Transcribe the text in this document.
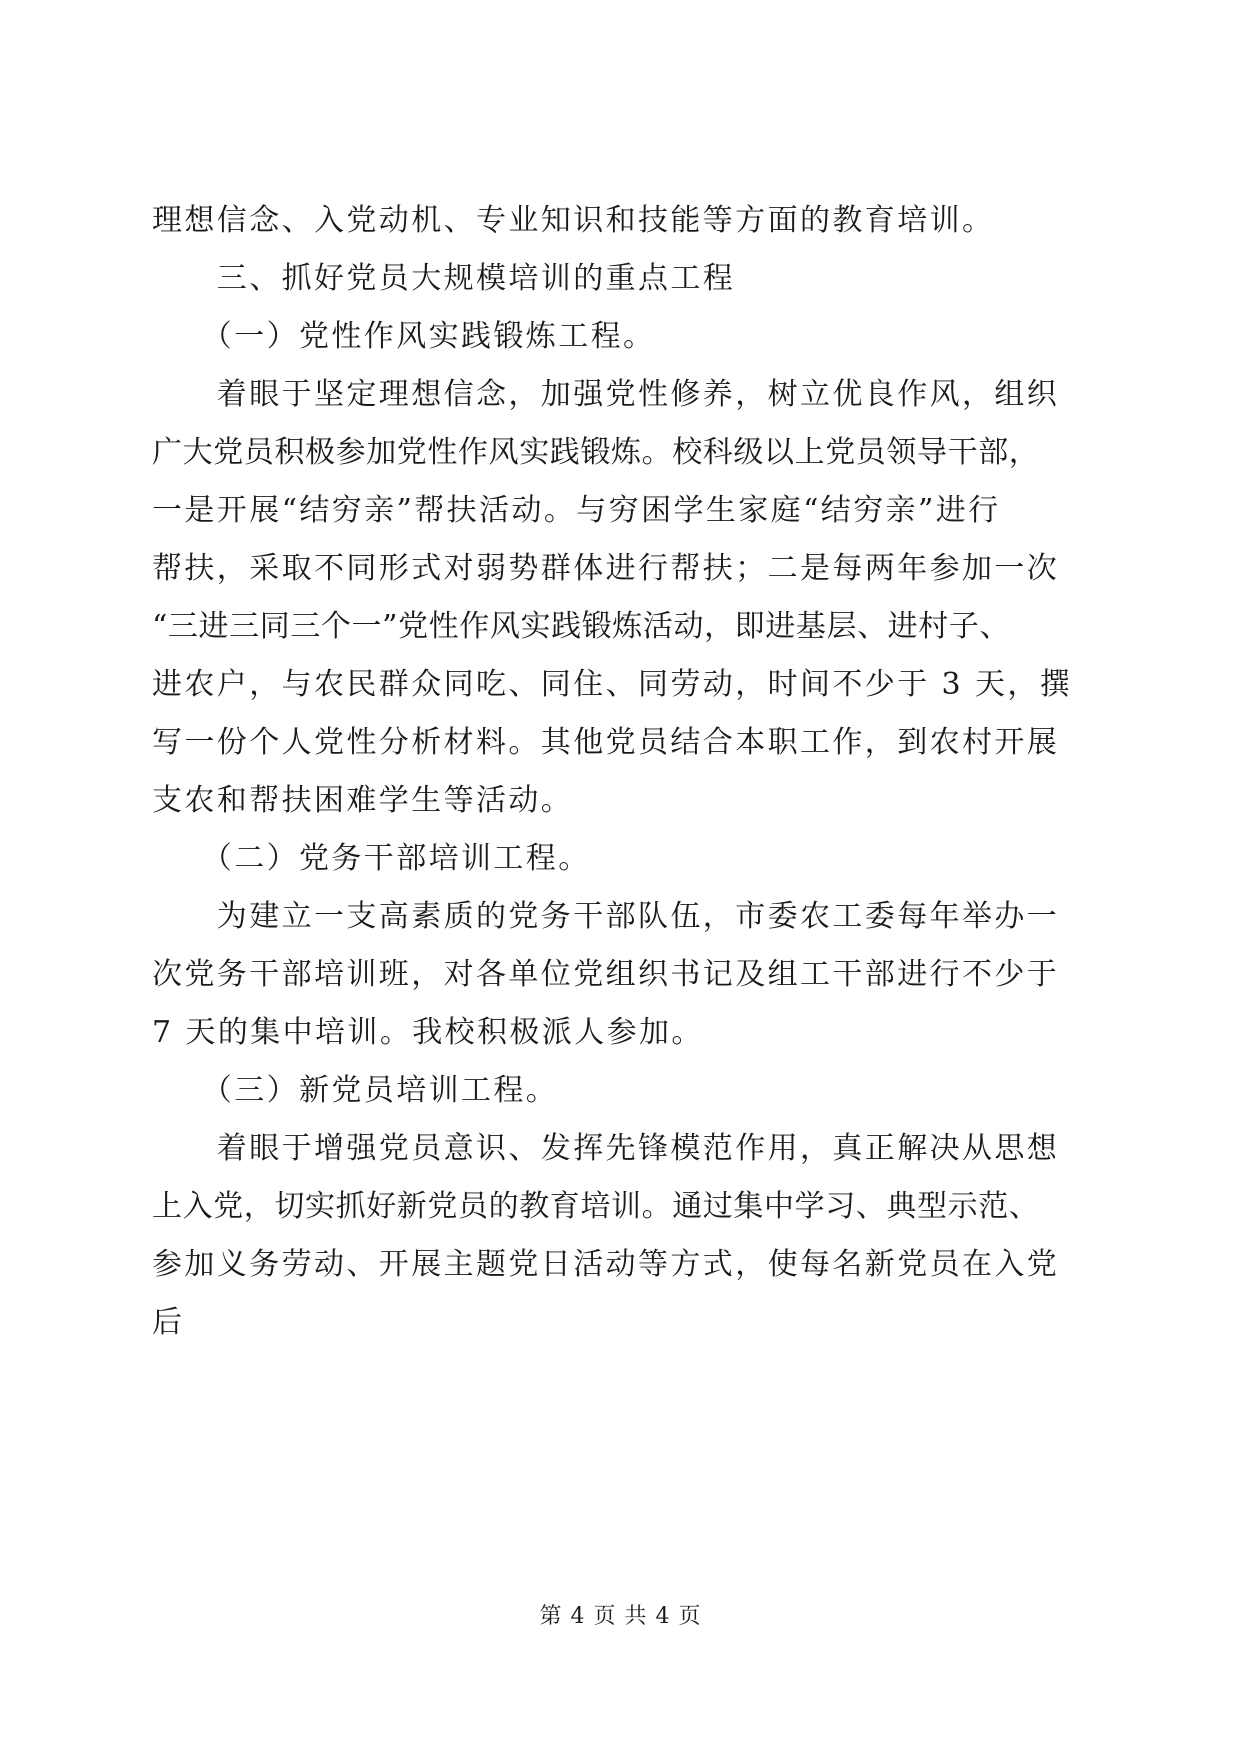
理想信念、入党动机、专业知识和技能等方面的教育培训。
　　三、抓好党员大规模培训的重点工程
　　（一）党性作风实践锻炼工程。
　　着眼于坚定理想信念，加强党性修养，树立优良作风，组织
广大党员积极参加党性作风实践锻炼。校科级以上党员领导干部，
一是开展“结穷亲”帮扶活动。与穷困学生家庭“结穷亲”进行
帮扶，采取不同形式对弱势群体进行帮扶；二是每两年参加一次
“三进三同三个一”党性作风实践锻炼活动，即进基层、进村子、
进农户，与农民群众同吃、同住、同劳动，时间不少于 3 天，撰
写一份个人党性分析材料。其他党员结合本职工作，到农村开展
支农和帮扶困难学生等活动。
　　（二）党务干部培训工程。
　　为建立一支高素质的党务干部队伍，市委农工委每年举办一
次党务干部培训班，对各单位党组织书记及组工干部进行不少于
7 天的集中培训。我校积极派人参加。
　　（三）新党员培训工程。
　　着眼于增强党员意识、发挥先锋模范作用，真正解决从思想
上入党，切实抓好新党员的教育培训。通过集中学习、典型示范、
参加义务劳动、开展主题党日活动等方式，使每名新党员在入党
后
第 4 页 共 4 页
